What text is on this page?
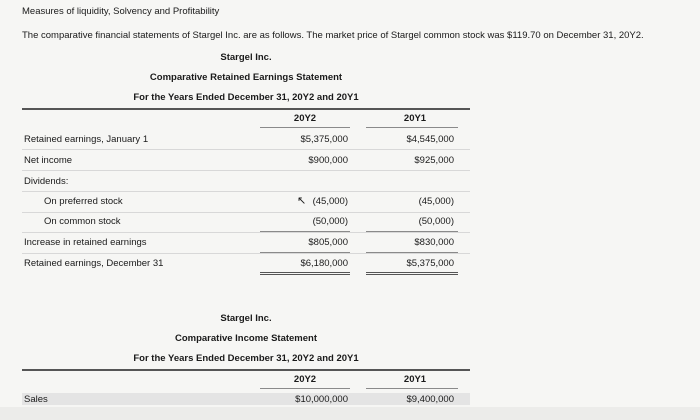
Measures of liquidity, Solvency and Profitability
The comparative financial statements of Stargel Inc. are as follows. The market price of Stargel common stock was $119.70 on December 31, 20Y2.
Stargel Inc.
Comparative Retained Earnings Statement
For the Years Ended December 31, 20Y2 and 20Y1
20Y2	20Y1
Retained earnings, January 1	$5,375,000	$4,545,000
Net income	$900,000	$925,000
Dividends:
On preferred stock	(45,000)	(45,000)
↖
On common stock	(50,000)	(50,000)
Increase in retained earnings	$805,000	$830,000
Retained earnings, December 31	$6,180,000	$5,375,000
Stargel Inc.
Comparative Income Statement
For the Years Ended December 31, 20Y2 and 20Y1
20Y2	20Y1
Sales	$10,000,000	$9,400,000
